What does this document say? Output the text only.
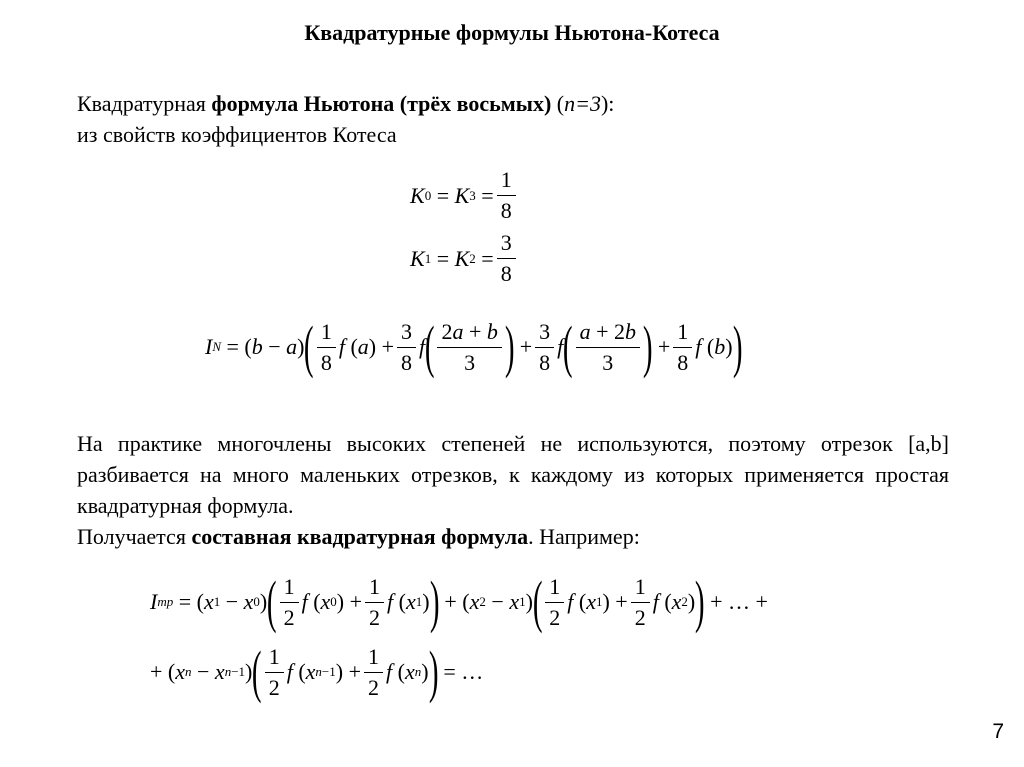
Квадратурные формулы Ньютона-Котеса
Квадратурная формула Ньютона (трёх восьмых) (n=3):
из свойств коэффициентов Котеса
K 0 = K $3 = \frac{1}{8}$
K 1 = K $2 = \frac{3}{8}$
I N = ( b − a ) ( $\frac{1}{8}$ f ( a ) + $\frac{3}{8}$ f ( $\frac{2a + b}{3}$ ) + $\frac{3}{8}$ f ( $\frac{a + 2b}{3}$ ) + $\frac{1}{8}$ f ( b ) )
На практике многочлены высоких степеней не используются, поэтому отрезок [a,b] разбивается на много маленьких отрезков, к каждому из которых применяется простая квадратурная формула.
Получается составная квадратурная формула. Например:
I тр = ( x 1 − x 0 ) ( $\frac{1}{2}$ f ( x 0 ) + $\frac{1}{2}$ f ( x 1 ) ) + ( x 2 − x 1 ) ( $\frac{1}{2}$ f ( x 1 ) + $\frac{1}{2}$ f ( x 2 ) ) + … +
+ ( x n − x n−1 ) ( $\frac{1}{2}$ f ( x n−1 ) + $\frac{1}{2}$ f ( x n ) ) = …
7
